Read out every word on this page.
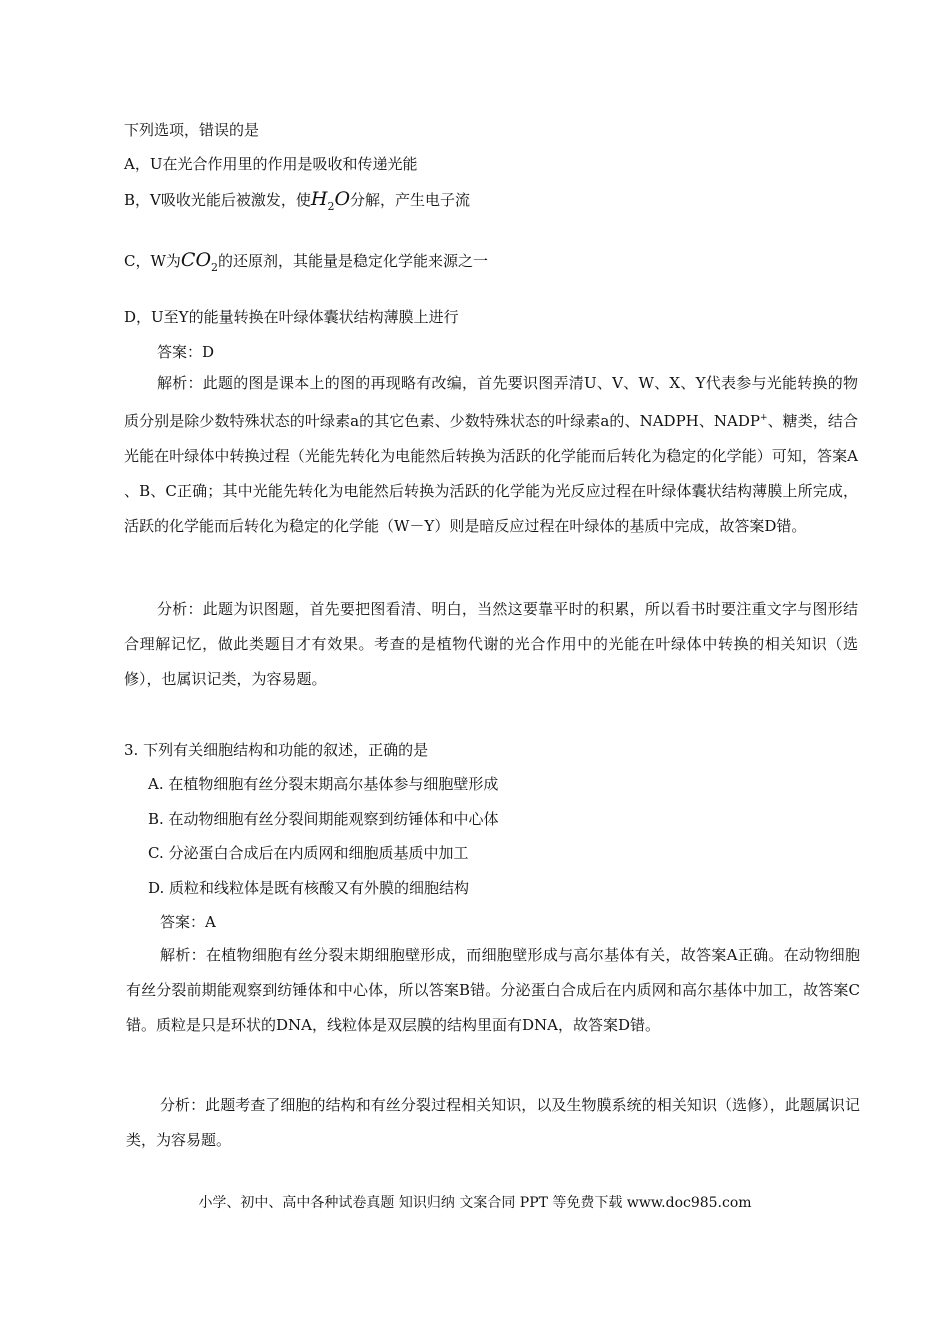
下列选项，错误的是
A，U在光合作用里的作用是吸收和传递光能
B，V吸收光能后被激发，使$H_2O$分解，产生电子流
C，W为$CO_2$的还原剂，其能量是稳定化学能来源之一
D，U至Y的能量转换在叶绿体囊状结构薄膜上进行
答案：D
解析：此题的图是课本上的图的再现略有改编，首先要识图弄清U、V、W、X、Y代表参与光能转换的物质分别是除少数特殊状态的叶绿素a的其它色素、少数特殊状态的叶绿素a的、NADPH、NADP+、糖类，结合光能在叶绿体中转换过程（光能先转化为电能然后转换为活跃的化学能而后转化为稳定的化学能）可知，答案A 、B、C正确；其中光能先转化为电能然后转换为活跃的化学能为光反应过程在叶绿体囊状结构薄膜上所完成，活跃的化学能而后转化为稳定的化学能（W－Y）则是暗反应过程在叶绿体的基质中完成，故答案D错。
分析：此题为识图题，首先要把图看清、明白，当然这要靠平时的积累，所以看书时要注重文字与图形结合理解记忆，做此类题目才有效果。考查的是植物代谢的光合作用中的光能在叶绿体中转换的相关知识（选修），也属识记类，为容易题。
3. 下列有关细胞结构和功能的叙述，正确的是
A. 在植物细胞有丝分裂末期高尔基体参与细胞壁形成
B. 在动物细胞有丝分裂间期能观察到纺锤体和中心体
C. 分泌蛋白合成后在内质网和细胞质基质中加工
D. 质粒和线粒体是既有核酸又有外膜的细胞结构
答案：A
解析：在植物细胞有丝分裂末期细胞壁形成，而细胞壁形成与高尔基体有关，故答案A正确。在动物细胞有丝分裂前期能观察到纺锤体和中心体，所以答案B错。分泌蛋白合成后在内质网和高尔基体中加工，故答案C错。质粒是只是环状的DNA，线粒体是双层膜的结构里面有DNA，故答案D错。
分析：此题考查了细胞的结构和有丝分裂过程相关知识，以及生物膜系统的相关知识（选修），此题属识记类，为容易题。
小学、初中、高中各种试卷真题 知识归纳 文案合同 PPT 等免费下载 www.doc985.com
